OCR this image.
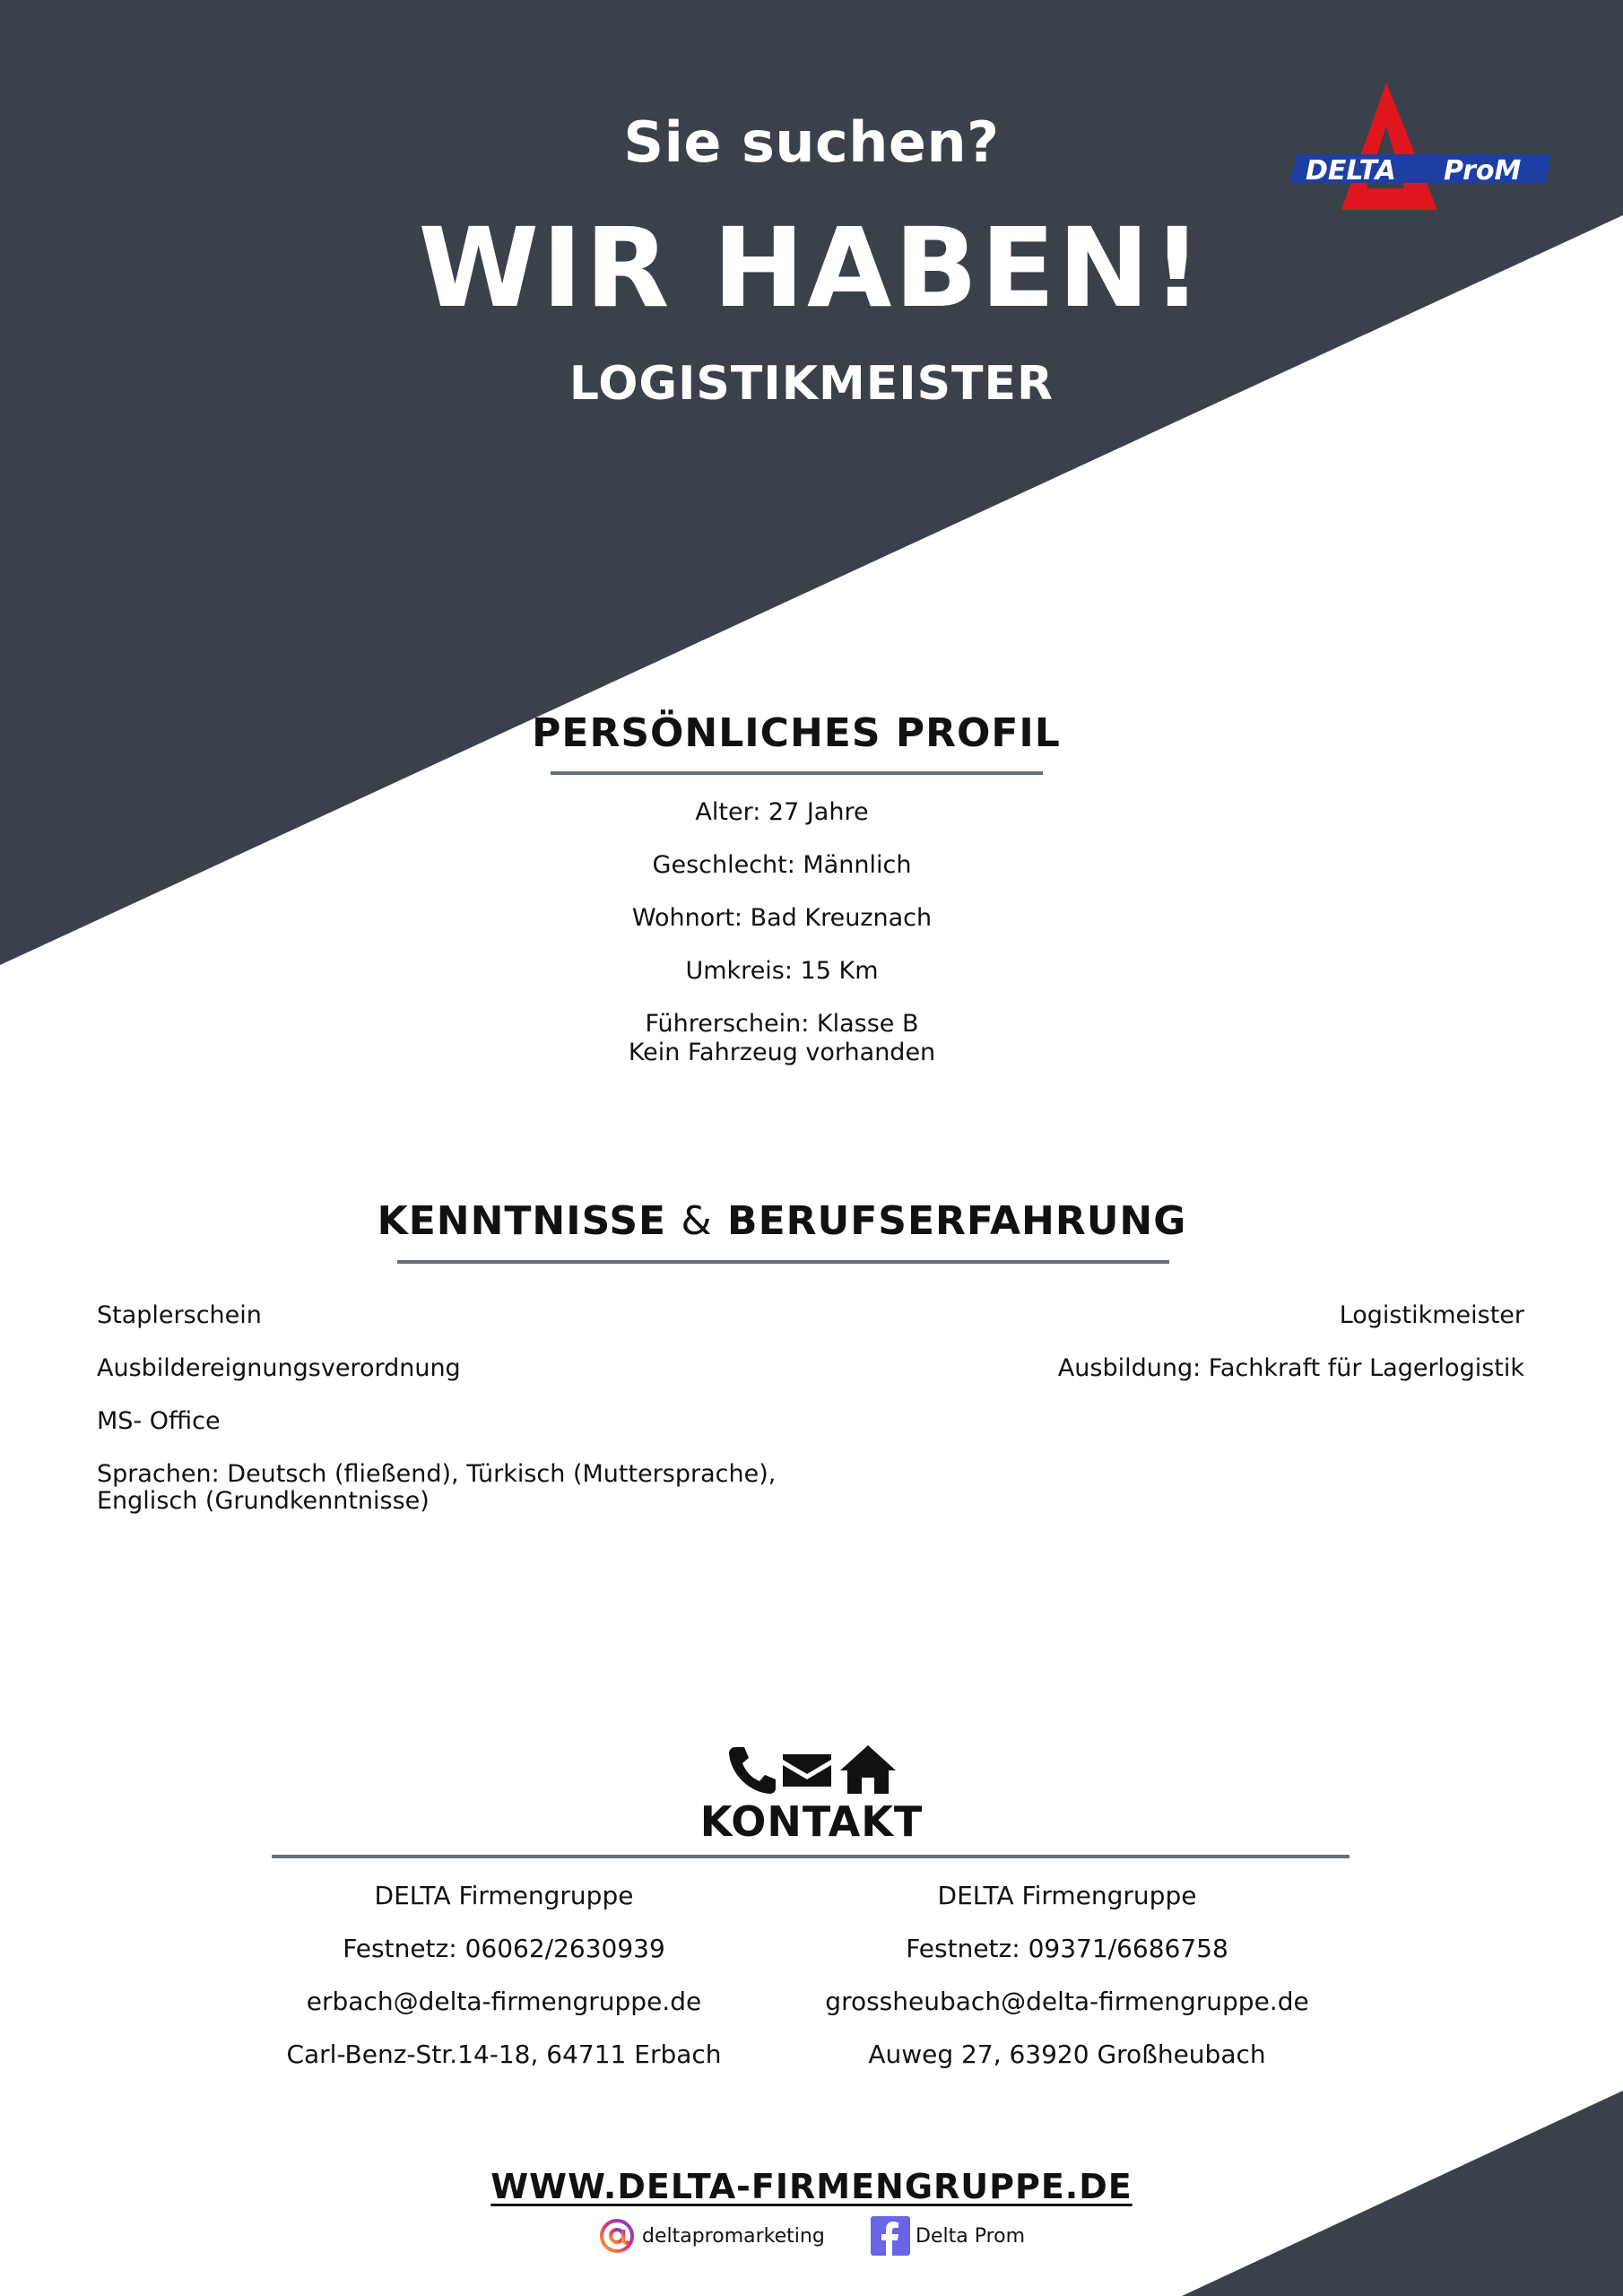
Sie suchen?
WIR HABEN!
LOGISTIKMEISTER
DELTA ProM
PERSÖNLICHES PROFIL
Alter: 27 Jahre
Geschlecht: Männlich
Wohnort: Bad Kreuznach
Umkreis: 15 Km
Führerschein: Klasse B
Kein Fahrzeug vorhanden
KENNTNISSE & BERUFSERFAHRUNG
Staplerschein
Ausbildereignungsverordnung
MS- Office
Sprachen: Deutsch (fließend), Türkisch (Muttersprache),
Englisch (Grundkenntnisse)
Logistikmeister
Ausbildung: Fachkraft für Lagerlogistik
KONTAKT
DELTA Firmengruppe
Festnetz: 06062/2630939
erbach@delta-firmengruppe.de
Carl-Benz-Str.14-18, 64711 Erbach
DELTA Firmengruppe
Festnetz: 09371/6686758
grossheubach@delta-firmengruppe.de
Auweg 27, 63920 Großheubach
WWW.DELTA-FIRMENGRUPPE.DE
deltapromarketing	Delta Prom
